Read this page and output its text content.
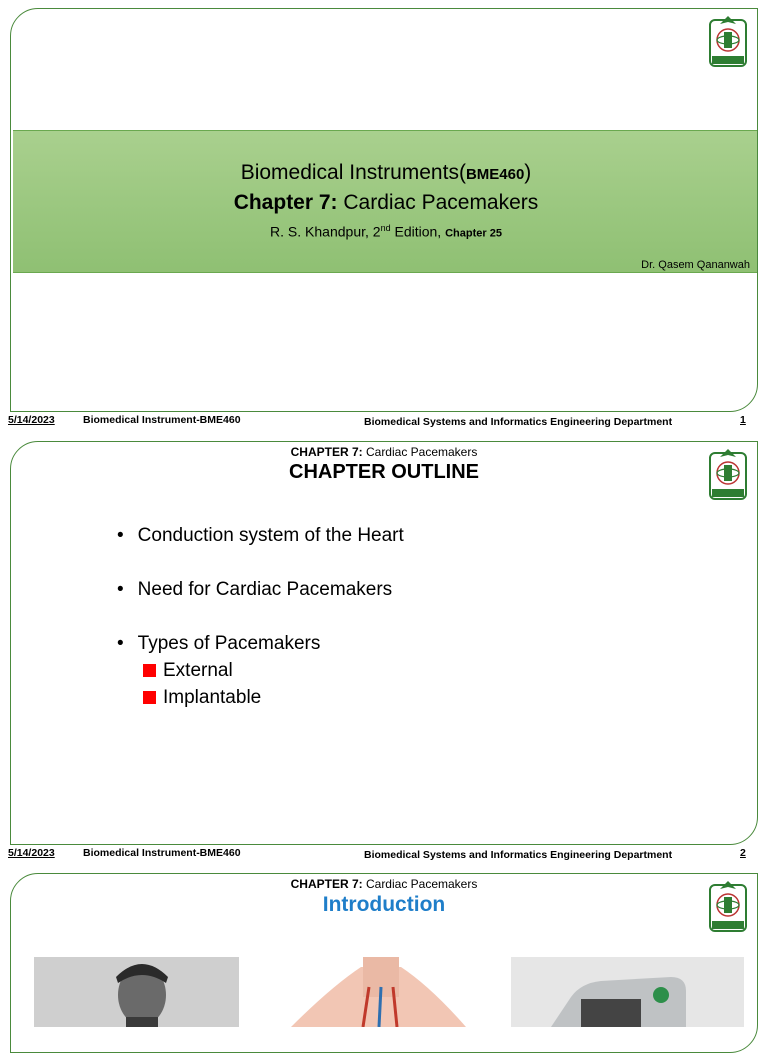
Biomedical Instruments(BME460)
Chapter 7: Cardiac Pacemakers
R. S. Khandpur, 2nd Edition, Chapter 25
Dr. Qasem Qananwah
5/14/2023	Biomedical Instrument-BME460	Biomedical Systems and Informatics Engineering Department	1
CHAPTER 7: Cardiac Pacemakers
CHAPTER OUTLINE
• Conduction system of the Heart
• Need for Cardiac Pacemakers
• Types of Pacemakers
External
Implantable
5/14/2023	Biomedical Instrument-BME460	Biomedical Systems and Informatics Engineering Department	2
CHAPTER 7: Cardiac Pacemakers
Introduction
